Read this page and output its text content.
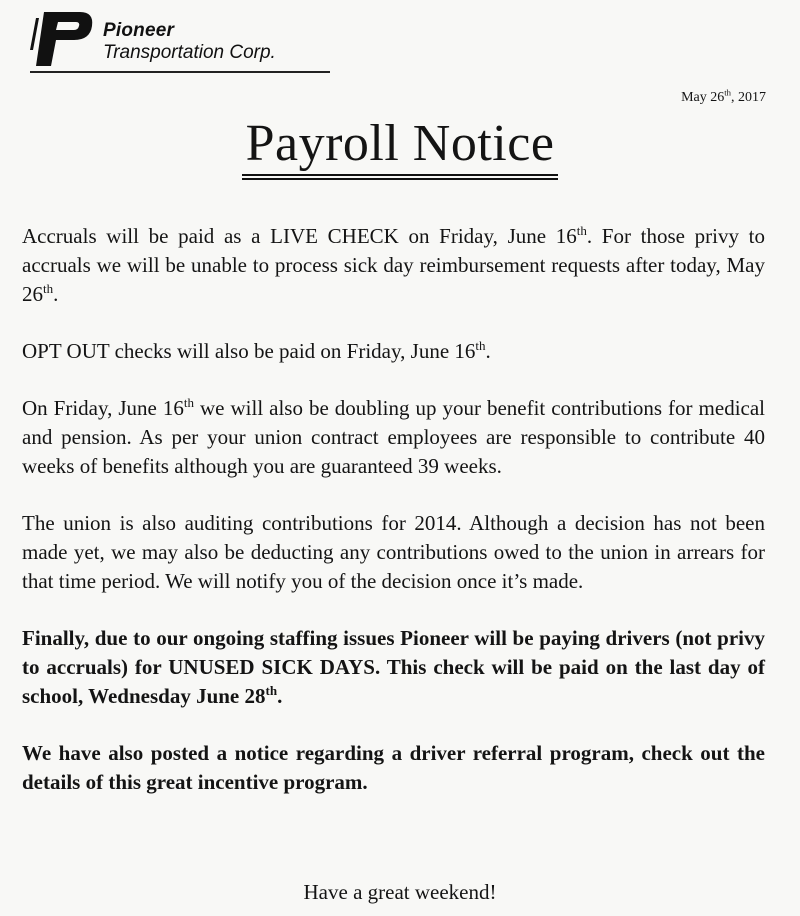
Pioneer
Transportation Corp.
May 26th, 2017
Payroll Notice

Accruals will be paid as a LIVE CHECK on Friday, June 16th. For those privy to accruals we will be unable to process sick day reimbursement requests after today, May 26th.

OPT OUT checks will also be paid on Friday, June 16th.

On Friday, June 16th we will also be doubling up your benefit contributions for medical and pension. As per your union contract employees are responsible to contribute 40 weeks of benefits although you are guaranteed 39 weeks.

The union is also auditing contributions for 2014. Although a decision has not been made yet, we may also be deducting any contributions owed to the union in arrears for that time period. We will notify you of the decision once it’s made.

Finally, due to our ongoing staffing issues Pioneer will be paying drivers (not privy to accruals) for UNUSED SICK DAYS. This check will be paid on the last day of school, Wednesday June 28th.

We have also posted a notice regarding a driver referral program, check out the details of this great incentive program.

Have a great weekend!
